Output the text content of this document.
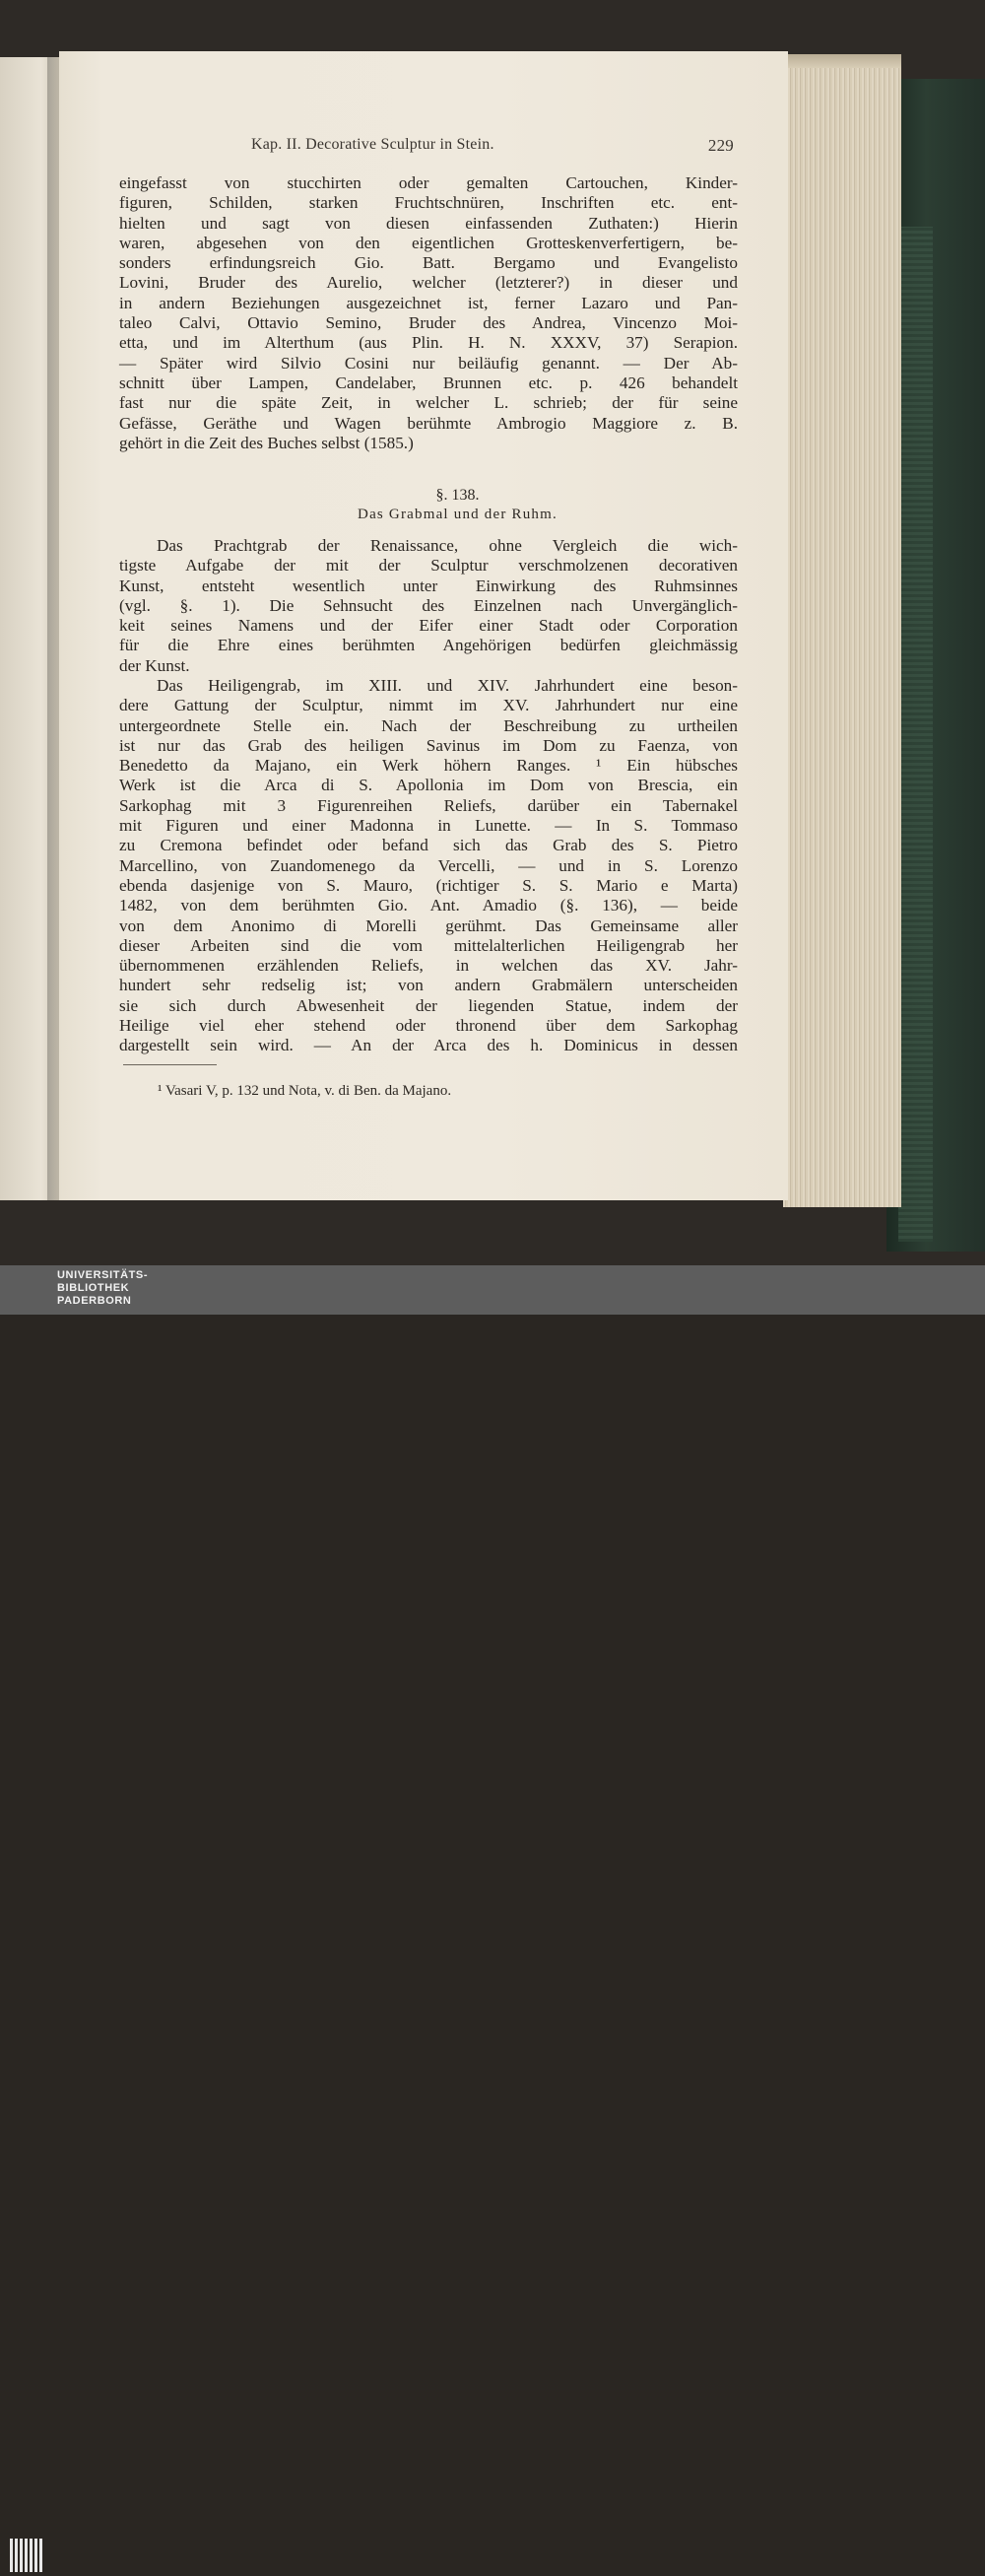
Kap. II. Decorative Sculptur in Stein.	229
eingefasst von stucchirten oder gemalten Cartouchen, Kinder-
figuren, Schilden, starken Fruchtschnüren, Inschriften etc. ent-
hielten und sagt von diesen einfassenden Zuthaten:) Hierin
waren, abgesehen von den eigentlichen Grotteskenverfertigern, be-
sonders erfindungsreich Gio. Batt. Bergamo und Evangelisto
Lovini, Bruder des Aurelio, welcher (letzterer?) in dieser und
in andern Beziehungen ausgezeichnet ist, ferner Lazaro und Pan-
taleo Calvi, Ottavio Semino, Bruder des Andrea, Vincenzo Moi-
etta, und im Alterthum (aus Plin. H. N. XXXV, 37) Serapion.
— Später wird Silvio Cosini nur beiläufig genannt. — Der Ab-
schnitt über Lampen, Candelaber, Brunnen etc. p. 426 behandelt
fast nur die späte Zeit, in welcher L. schrieb; der für seine
Gefässe, Geräthe und Wagen berühmte Ambrogio Maggiore z. B.
gehört in die Zeit des Buches selbst (1585.)
§. 138.
Das Grabmal und der Ruhm.
Das Prachtgrab der Renaissance, ohne Vergleich die wich-
tigste Aufgabe der mit der Sculptur verschmolzenen decorativen
Kunst, entsteht wesentlich unter Einwirkung des Ruhmsinnes
(vgl. §. 1). Die Sehnsucht des Einzelnen nach Unvergänglich-
keit seines Namens und der Eifer einer Stadt oder Corporation
für die Ehre eines berühmten Angehörigen bedürfen gleichmässig
der Kunst.
Das Heiligengrab, im XIII. und XIV. Jahrhundert eine beson-
dere Gattung der Sculptur, nimmt im XV. Jahrhundert nur eine
untergeordnete Stelle ein. Nach der Beschreibung zu urtheilen
ist nur das Grab des heiligen Savinus im Dom zu Faenza, von
Benedetto da Majano, ein Werk höhern Ranges. ¹ Ein hübsches
Werk ist die Arca di S. Apollonia im Dom von Brescia, ein
Sarkophag mit 3 Figurenreihen Reliefs, darüber ein Tabernakel
mit Figuren und einer Madonna in Lunette. — In S. Tommaso
zu Cremona befindet oder befand sich das Grab des S. Pietro
Marcellino, von Zuandomenego da Vercelli, — und in S. Lorenzo
ebenda dasjenige von S. Mauro, (richtiger S. S. Mario e Marta)
1482, von dem berühmten Gio. Ant. Amadio (§. 136), — beide
von dem Anonimo di Morelli gerühmt. Das Gemeinsame aller
dieser Arbeiten sind die vom mittelalterlichen Heiligengrab her
übernommenen erzählenden Reliefs, in welchen das XV. Jahr-
hundert sehr redselig ist; von andern Grabmälern unterscheiden
sie sich durch Abwesenheit der liegenden Statue, indem der
Heilige viel eher stehend oder thronend über dem Sarkophag
dargestellt sein wird. — An der Arca des h. Dominicus in dessen
¹ Vasari V, p. 132 und Nota, v. di Ben. da Majano.
UNIVERSITÄTS-
BIBLIOTHEK
PADERBORN
